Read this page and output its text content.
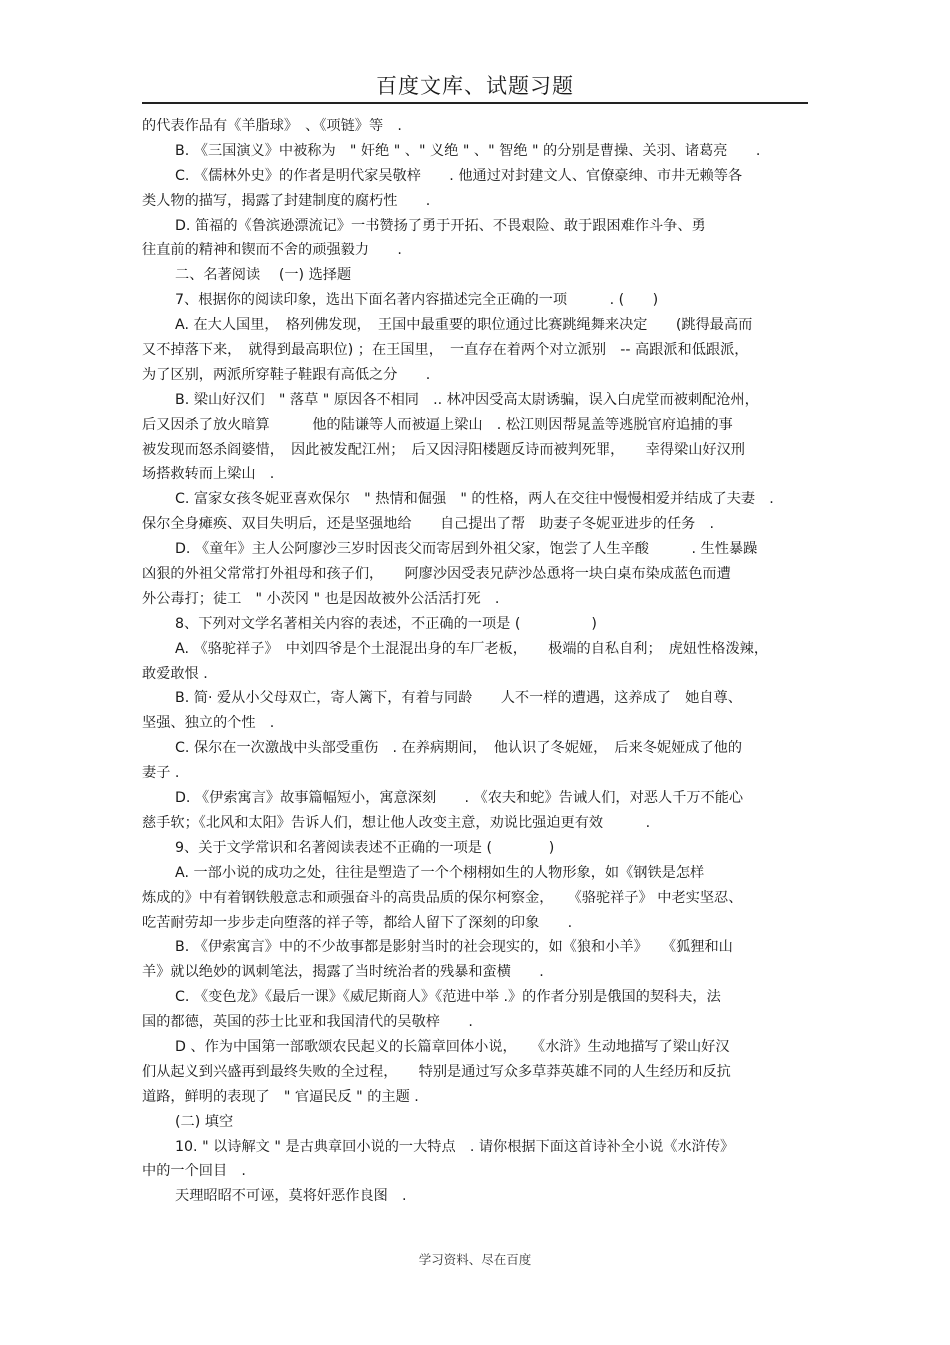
百度文库、试题习题
的代表作品有《羊脂球》　、《项链》等　.
B. 《三国演义》中被称为　" 奸绝 " 、" 义绝 " 、" 智绝 " 的分别是曹操、关羽、诸葛亮　　.
C. 《儒林外史》的作者是明代家吴敬梓　　. 他通过对封建文人、官僚豪绅、市井无赖等各
类人物的描写，揭露了封建制度的腐朽性　　.
D. 笛福的《鲁滨逊漂流记》一书赞扬了勇于开拓、不畏艰险、敢于跟困难作斗争、勇
往直前的精神和锲而不舍的顽强毅力　　.
二、名著阅读　 (一) 选择题
7、根据你的阅读印象，选出下面名著内容描述完全正确的一项　　　. (　　)
A. 在大人国里，　格列佛发现，　王国中最重要的职位通过比赛跳绳舞来决定　　(跳得最高而
又不掉落下来，　就得到最高职位) ；在王国里，　一直存在着两个对立派别　-- 高跟派和低跟派，
为了区别，两派所穿鞋子鞋跟有高低之分　　.
B. 梁山好汉们　" 落草 " 原因各不相同　.. 林冲因受高太尉诱骗，误入白虎堂而被刺配沧州，
后又因杀了放火暗算　　　他的陆谦等人而被逼上梁山　. 松江则因帮晁盖等逃脱官府追捕的事
被发现而怒杀阎婆惜，　因此被发配江州；　后又因浔阳楼题反诗而被判死罪，　　幸得梁山好汉刑
场搭救转而上梁山　.
C. 富家女孩冬妮亚喜欢保尔　" 热情和倔强　" 的性格，两人在交往中慢慢相爱并结成了夫妻　.
保尔全身瘫痪、双目失明后，还是坚强地给　　自己提出了帮　助妻子冬妮亚进步的任务　.
D. 《童年》主人公阿廖沙三岁时因丧父而寄居到外祖父家，饱尝了人生辛酸　　　. 生性暴躁
凶狠的外祖父常常打外祖母和孩子们，　　阿廖沙因受表兄萨沙怂恿将一块白桌布染成蓝色而遭
外公毒打；徒工　" 小茨冈 " 也是因故被外公活活打死　.
8、下列对文学名著相关内容的表述，不正确的一项是 (　　　　　)
A. 《骆驼祥子》　中刘四爷是个土混混出身的车厂老板，　　极端的自私自利；　虎妞性格泼辣，
敢爱敢恨 .
B. 简· 爱从小父母双亡，寄人篱下，有着与同龄　　人不一样的遭遇，这养成了　她自尊、
坚强、独立的个性　.
C. 保尔在一次激战中头部受重伤　. 在养病期间，　他认识了冬妮娅，　后来冬妮娅成了他的
妻子 .
D. 《伊索寓言》故事篇幅短小，寓意深刻　　. 《农夫和蛇》告诫人们，对恶人千万不能心
慈手软；《北风和太阳》告诉人们，想让他人改变主意，劝说比强迫更有效　　　.
9、关于文学常识和名著阅读表述不正确的一项是 (　　　　)
A. 一部小说的成功之处，往往是塑造了一个个栩栩如生的人物形象，如《钢铁是怎样
炼成的》中有着钢铁般意志和顽强奋斗的高贵品质的保尔柯察金，　　《骆驼祥子》 中老实坚忍、
吃苦耐劳却一步步走向堕落的祥子等，都给人留下了深刻的印象　　.
B. 《伊索寓言》中的不少故事都是影射当时的社会现实的，如《狼和小羊》　　《狐狸和山
羊》就以绝妙的讽刺笔法，揭露了当时统治者的残暴和蛮横　　.
C. 《变色龙》《最后一课》《威尼斯商人》《范进中举 .》的作者分别是俄国的契科夫，法
国的都德，英国的莎士比亚和我国清代的吴敬梓　　.
D 、作为中国第一部歌颂农民起义的长篇章回体小说，　　《水浒》生动地描写了梁山好汉
们从起义到兴盛再到最终失败的全过程，　　特别是通过写众多草莽英雄不同的人生经历和反抗
道路，鲜明的表现了　" 官逼民反 " 的主题 .
(二) 填空
10. " 以诗解文 " 是古典章回小说的一大特点　. 请你根据下面这首诗补全小说《水浒传》
中的一个回目　.
天理昭昭不可诬，莫将奸恶作良图　.
学习资料、尽在百度
